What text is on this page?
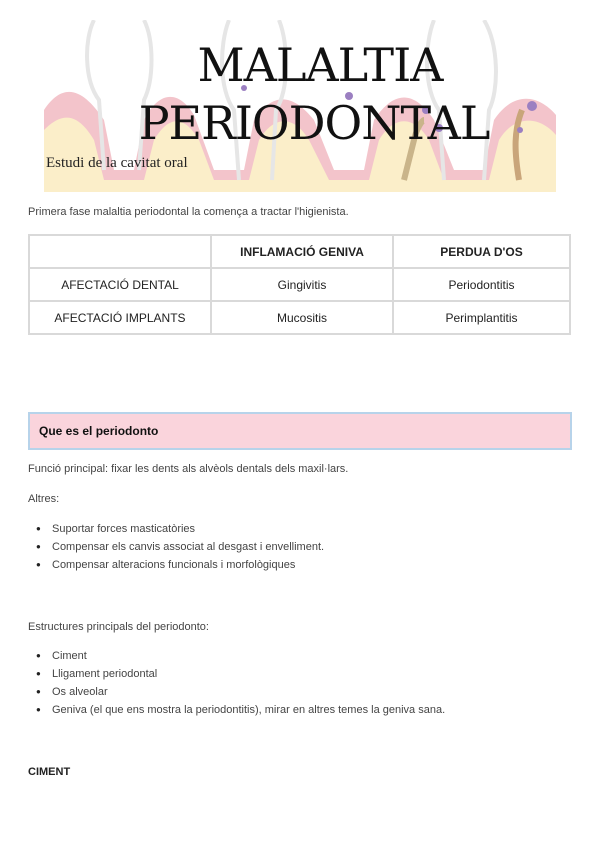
MALALTIA
PERIODONTAL
Estudi de la cavitat oral
Primera fase malaltia periodontal la comença a tractar l'higienista.
	INFLAMACIÓ GENIVA	PERDUA D'OS
AFECTACIÓ DENTAL	Gingivitis	Periodontitis
AFECTACIÓ IMPLANTS	Mucositis	Perimplantitis
Que es el periodonto
Funció principal: fixar les dents als alvèols dentals dels maxil·lars.
Altres:
● Suportar forces masticatòries
● Compensar els canvis associat al desgast i envelliment.
● Compensar alteracions funcionals i morfològiques
Estructures principals del periodonto:
● Ciment
● Lligament periodontal
● Os alveolar
● Geniva (el que ens mostra la periodontitis), mirar en altres temes la geniva sana.
CIMENT
